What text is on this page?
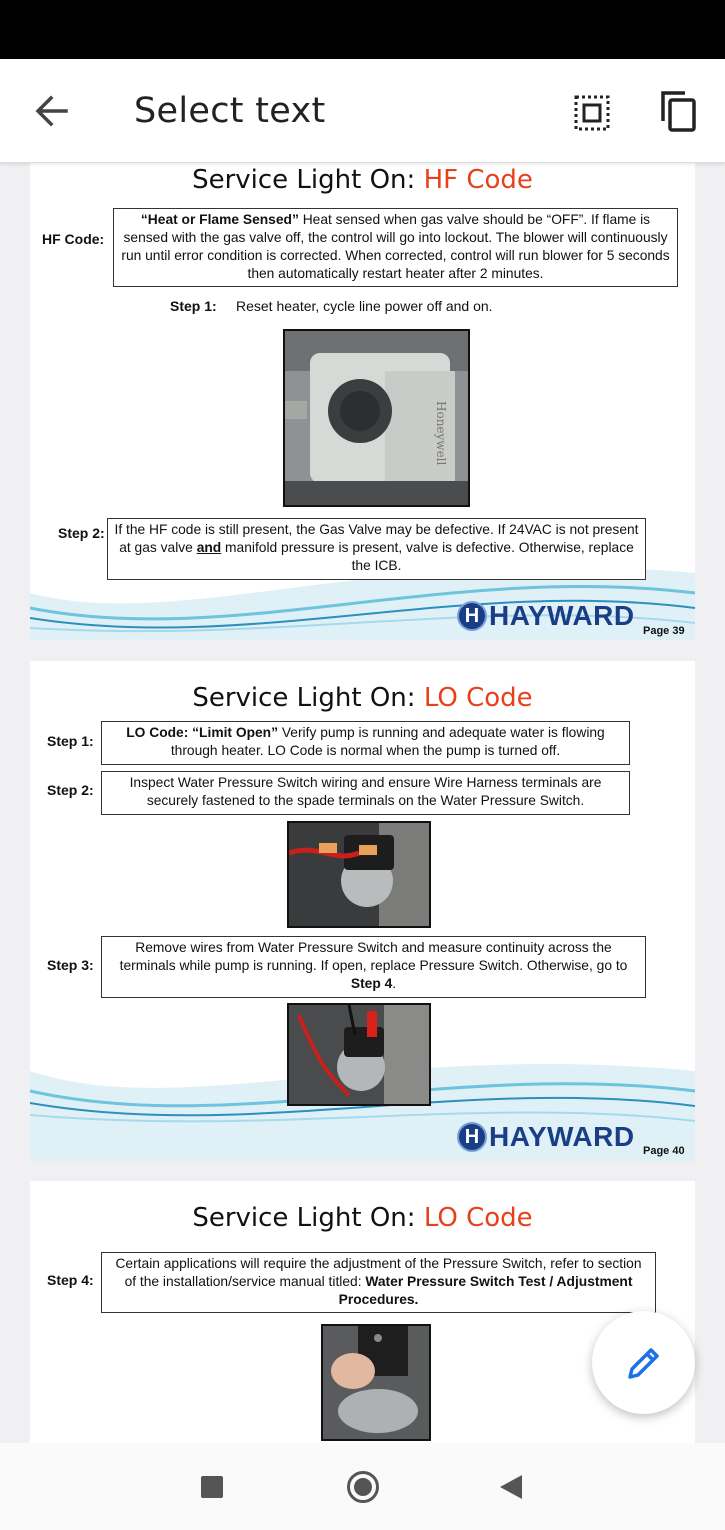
Select text
Service Light On: HF Code
HF Code:
“Heat or Flame Sensed” Heat sensed when gas valve should be “OFF”. If flame is sensed with the gas valve off, the control will go into lockout. The blower will continuously run until error condition is corrected. When corrected, control will run blower for 5 seconds then automatically restart heater after 2 minutes.
Step 1: Reset heater, cycle line power off and on.
Honeywell
Step 2: If the HF code is still present, the Gas Valve may be defective. If 24VAC is not present at gas valve and manifold pressure is present, valve is defective. Otherwise, replace the ICB.
H HAYWARD Page 39
Service Light On: LO Code
Step 1:
LO Code: “Limit Open” Verify pump is running and adequate water is flowing through heater. LO Code is normal when the pump is turned off.
Step 2:	Inspect Water Pressure Switch wiring and ensure Wire Harness terminals are securely fastened to the spade terminals on the Water Pressure Switch.
Step 3:
Remove wires from Water Pressure Switch and measure continuity across the terminals while pump is running. If open, replace Pressure Switch. Otherwise, go to Step 4.
H HAYWARD Page 40
Service Light On: LO Code
Step 4:
Certain applications will require the adjustment of the Pressure Switch, refer to section of the installation/service manual titled: Water Pressure Switch Test / Adjustment Procedures.
